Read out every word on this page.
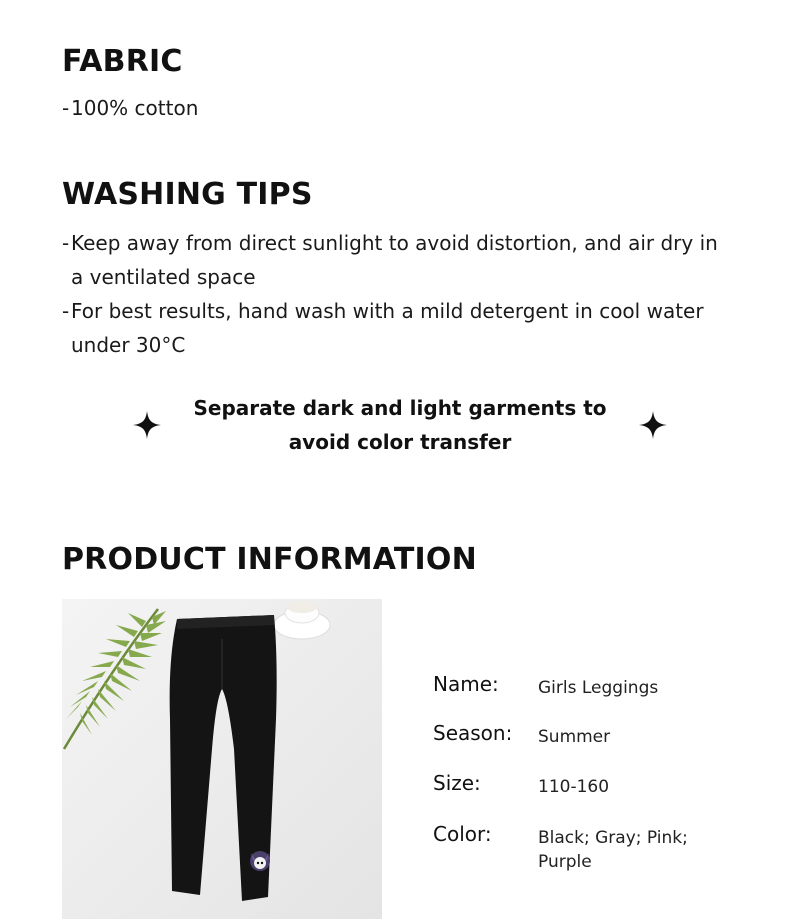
FABRIC
- 100% cotton
WASHING TIPS
- Keep away from direct sunlight to avoid distortion, and air dry in a ventilated space
- For best results, hand wash with a mild detergent in cool water under 30°C
Separate dark and light garments to avoid color transfer
PRODUCT INFORMATION
Name:	Girls Leggings
Season:	Summer
Size:	110-160
Color:	Black; Gray; Pink; Purple
